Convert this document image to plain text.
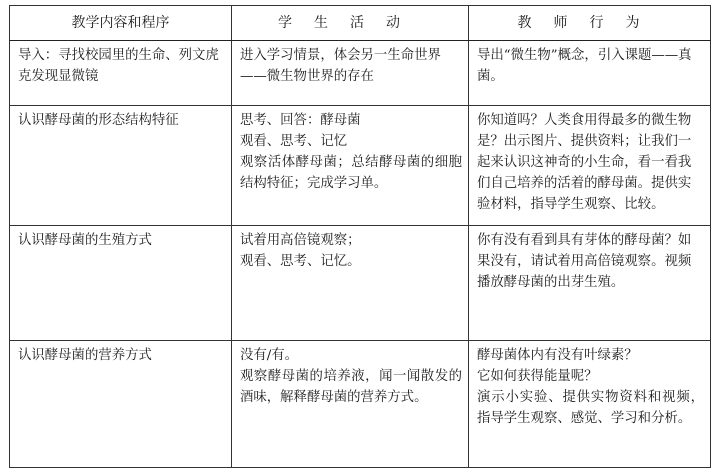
教学内容和程序	学生活动	教师行为
导入：寻找校园里的生命、列文虎克发现显微镜	进入学习情景，体会另一生命世界——微生物世界的存在	导出“微生物”概念，引入课题——真菌。
认识酵母菌的形态结构特征	思考、回答：酵母菌
观看、思考、记忆
观察活体酵母菌；总结酵母菌的细胞结构特征；完成学习单。	你知道吗？人类食用得最多的微生物是？出示图片、提供资料；让我们一起来认识这神奇的小生命，看一看我们自己培养的活着的酵母菌。提供实验材料，指导学生观察、比较。
认识酵母菌的生殖方式	试着用高倍镜观察；
观看、思考、记忆。	你有没有看到具有芽体的酵母菌？如果没有，请试着用高倍镜观察。视频播放酵母菌的出芽生殖。
认识酵母菌的营养方式	没有/有。
观察酵母菌的培养液，闻一闻散发的酒味，解释酵母菌的营养方式。	酵母菌体内有没有叶绿素？
它如何获得能量呢？
演示小实验、提供实物资料和视频，指导学生观察、感觉、学习和分析。
